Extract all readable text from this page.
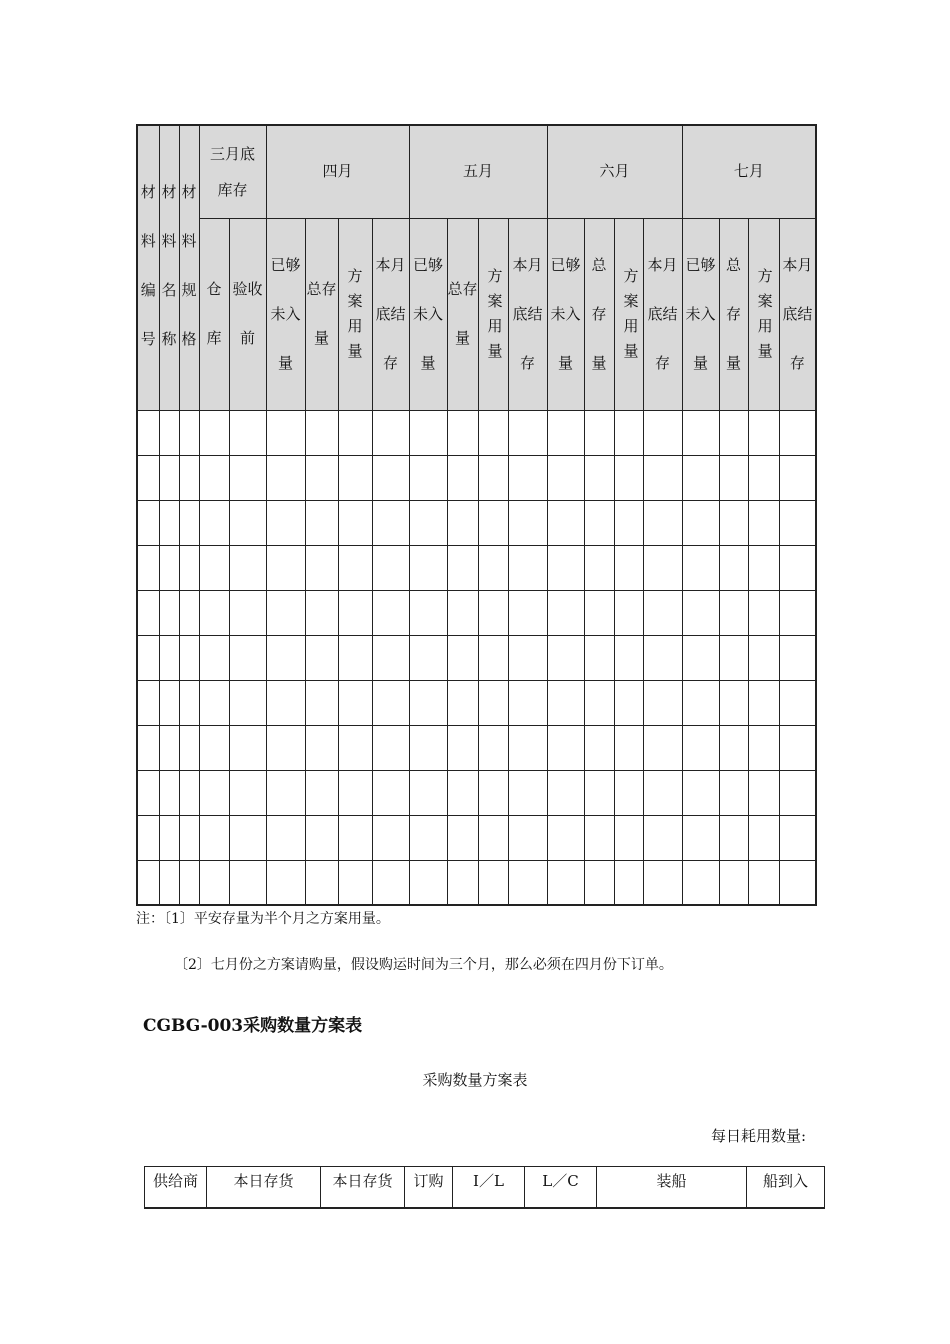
材料编号	材料名称	材料规格	三月底库存		四月				五月				六月				七月			

			仓库	验收前	已够未入量	总存量	方案用量	本月底结存	已够未入量	总存量	方案用量	本月底结存	已够未入量	总存量	方案用量	本月底结存	已够未入量	总存量	方案用量	本月底结存

注：〔1〕平安存量为半个月之方案用量。
〔2〕七月份之方案请购量，假设购运时间为三个月，那么必须在四月份下订单。
CGBG-003采购数量方案表
采购数量方案表
每日耗用数量:
供给商	本日存货	本日存货	订购	I／L	L／C	装船	船到入
